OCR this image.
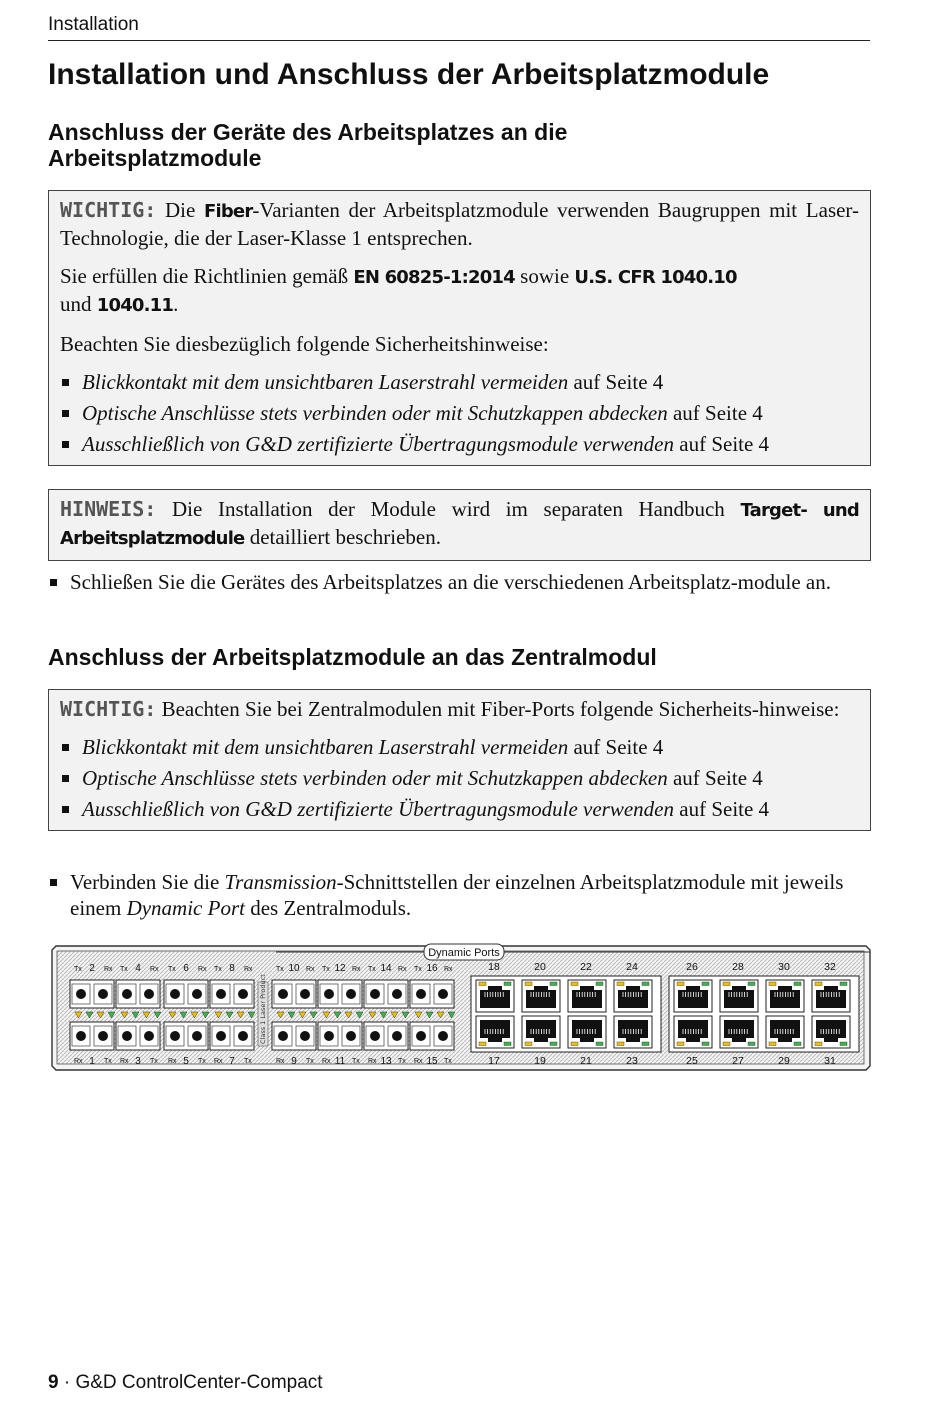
Installation
Installation und Anschluss der Arbeitsplatzmodule
Anschluss der Geräte des Arbeitsplatzes an die Arbeitsplatzmodule

WICHTIG: Die Fiber-Varianten der Arbeitsplatzmodule verwenden Baugruppen mit Laser-Technologie, die der Laser-Klasse 1 entsprechen.

Sie erfüllen die Richtlinien gemäß EN 60825-1:2014 sowie U.S. CFR 1040.10
und 1040.11.

Beachten Sie diesbezüglich folgende Sicherheitshinweise:

Blickkontakt mit dem unsichtbaren Laserstrahl vermeiden auf Seite 4
Optische Anschlüsse stets verbinden oder mit Schutzkappen abdecken auf Seite 4
Ausschließlich von G&D zertifizierte Übertragungsmodule verwenden auf Seite 4

HINWEIS: Die Installation der Module wird im separaten Handbuch Target- und Arbeitsplatzmodule detailliert beschrieben.

Schließen Sie die Gerätes des Arbeitsplatzes an die verschiedenen Arbeitsplatz-module an.
Anschluss der Arbeitsplatzmodule an das Zentralmodul

WICHTIG: Beachten Sie bei Zentralmodulen mit Fiber-Ports folgende Sicherheits-hinweise:

Blickkontakt mit dem unsichtbaren Laserstrahl vermeiden auf Seite 4
Optische Anschlüsse stets verbinden oder mit Schutzkappen abdecken auf Seite 4
Ausschließlich von G&D zertifizierte Übertragungsmodule verwenden auf Seite 4
Verbinden Sie die Transmission-Schnittstellen der einzelnen Arbeitsplatzmodule mit jeweils einem Dynamic Port des Zentralmoduls.
Dynamic Ports
Class 1 Laser Product
Tx 2 Rx
Rx 1 Tx
Tx 4 Rx
Rx 3 Tx
Tx 6 Rx
Rx 5 Tx
Tx 8 Rx
Rx 7 Tx
Tx 10 Rx
Rx 9 Tx
Tx 12 Rx
Rx 11 Tx
Tx 14 Rx
Rx 13 Tx
Tx 16 Rx
Rx 15 Tx
18
17
20
19
22
21
24
23
26
25
28
27
30
29
32
31
9 · G&D ControlCenter-Compact
